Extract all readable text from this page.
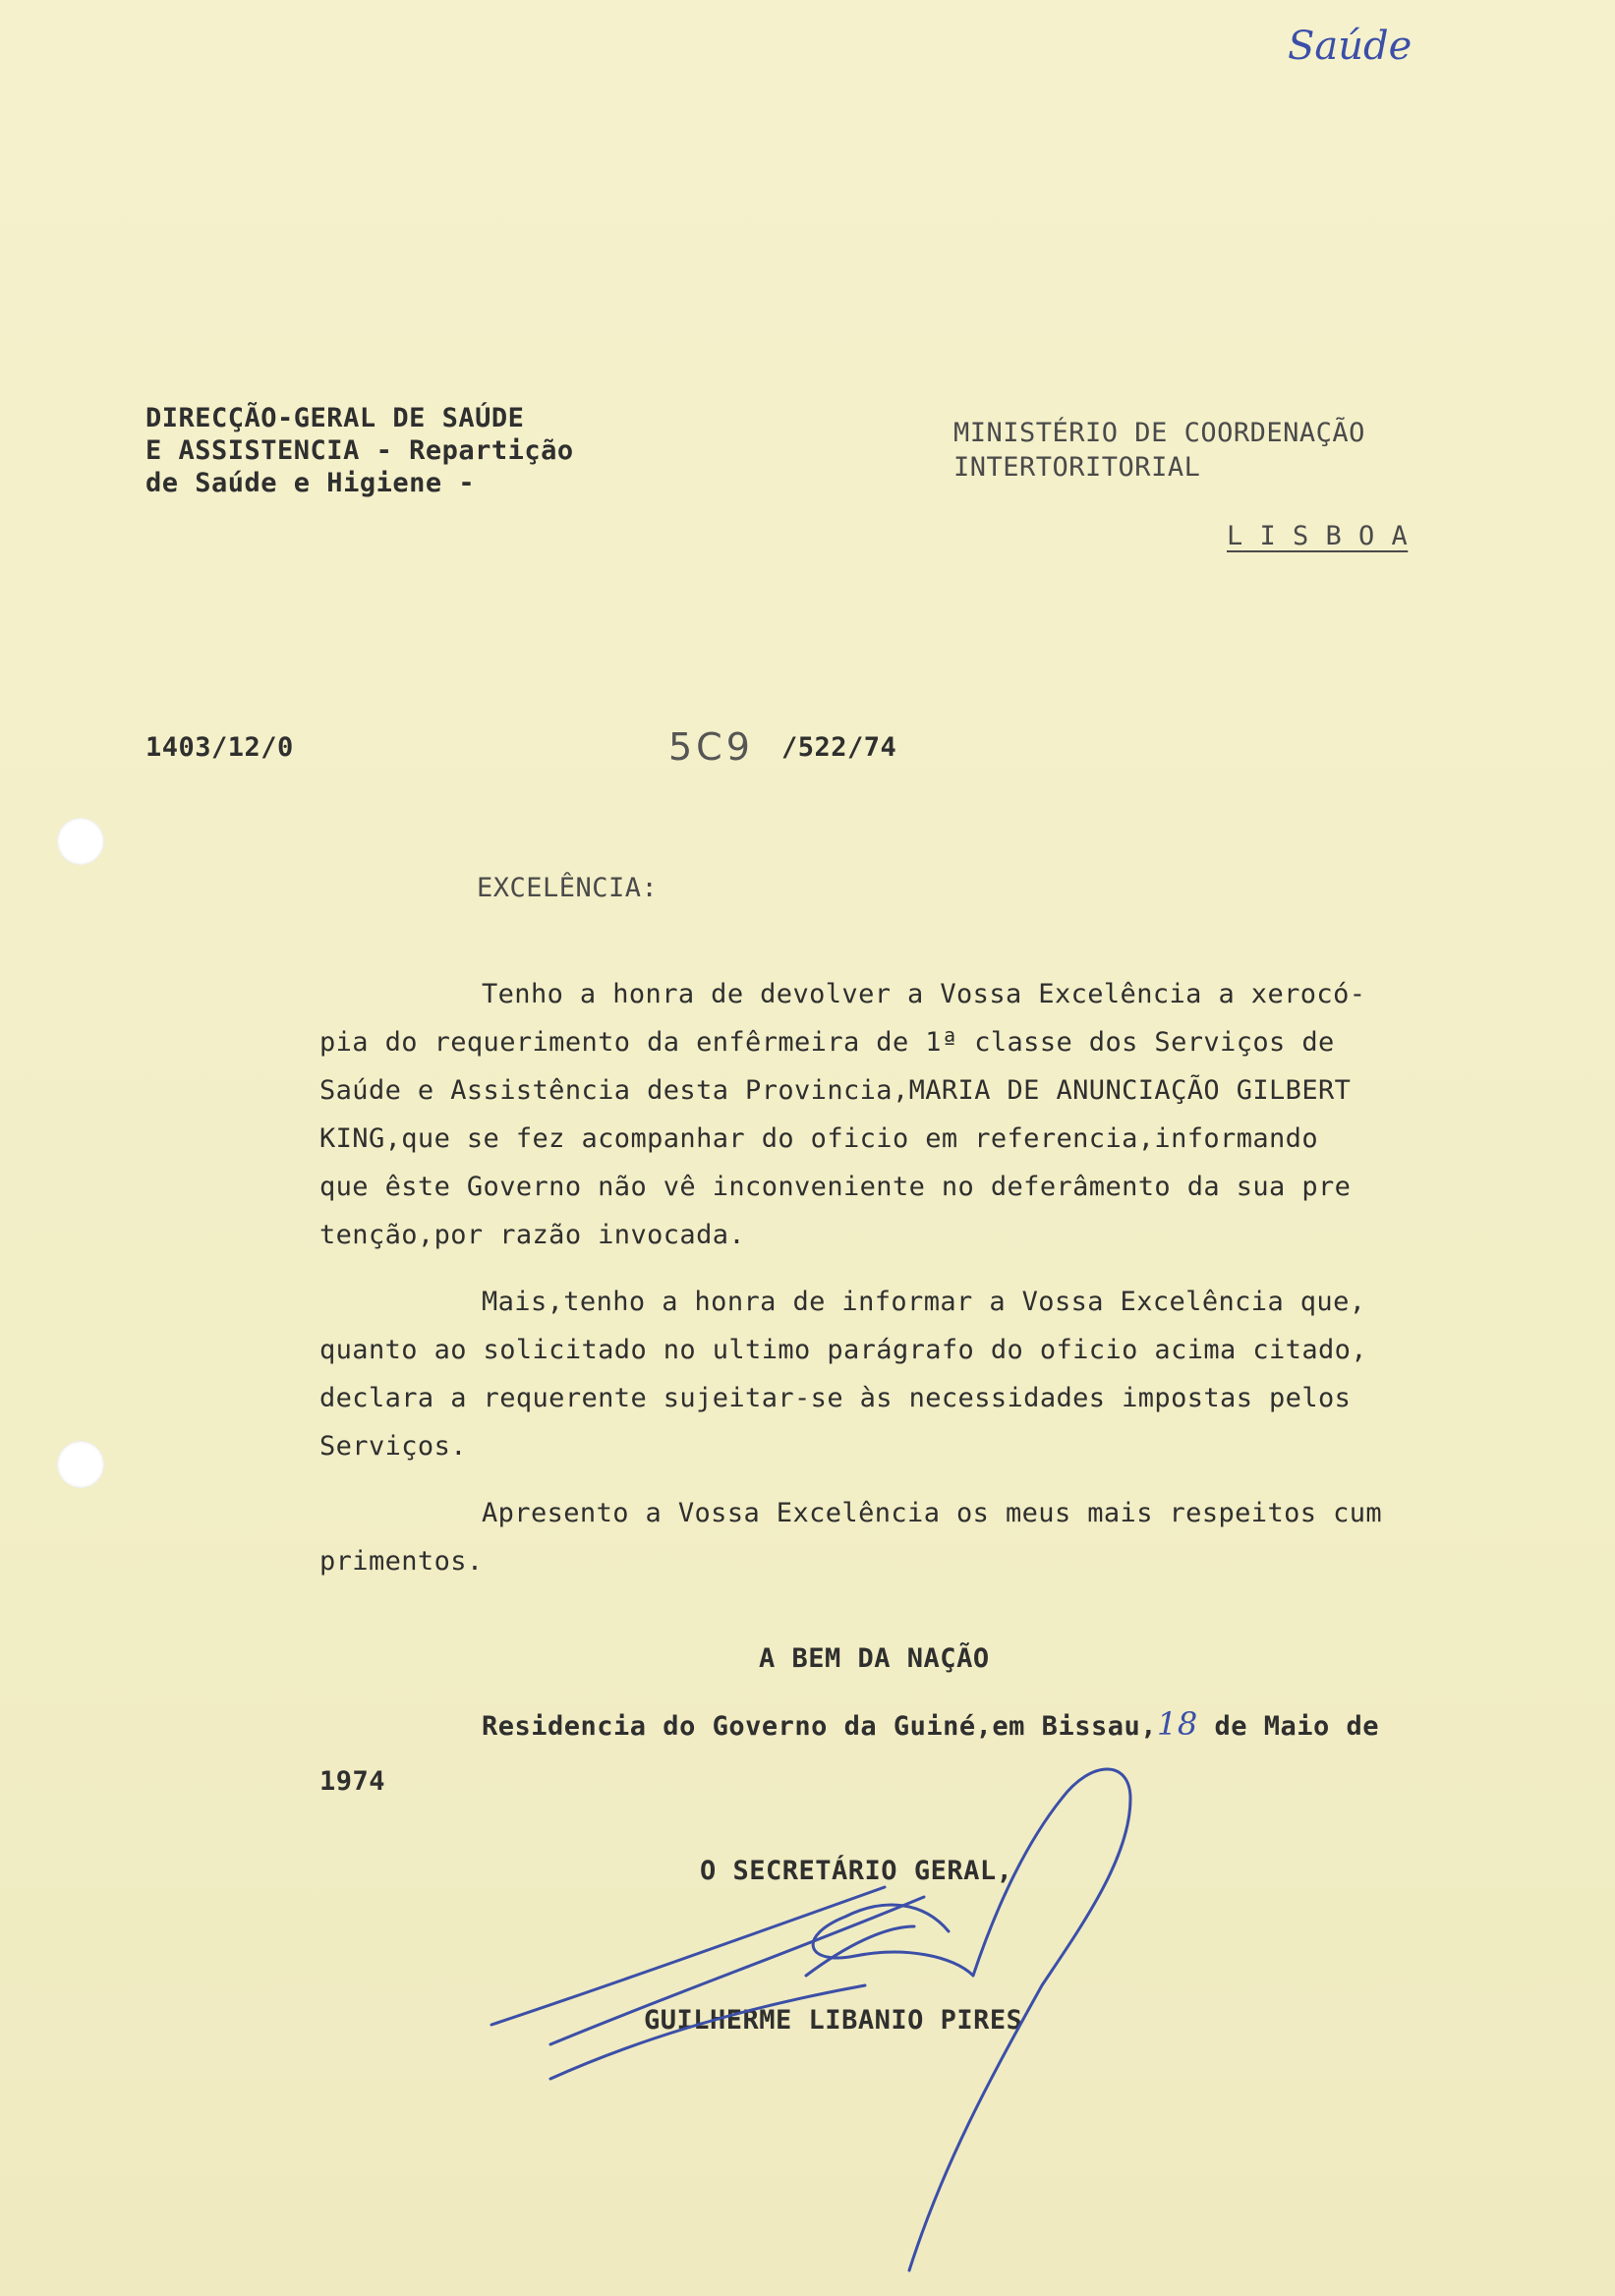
Saúde
DIRECÇÃO-GERAL DE SAÚDE
E ASSISTENCIA - Repartição
de Saúde e Higiene -
MINISTÉRIO DE COORDENAÇÃO
INTERTORITORIAL
L I S B O A
1403/12/0	5C9 /522/74
EXCELÊNCIA:

Tenho a honra de devolver a Vossa Excelência a xerocó-

pia do requerimento da enfêrmeira de 1ª classe dos Serviços de

Saúde e Assistência desta Provincia,MARIA DE ANUNCIAÇÃO GILBERT

KING,que se fez acompanhar do oficio em referencia,informando

que êste Governo não vê inconveniente no deferâmento da sua pre

tenção,por razão invocada.

Mais,tenho a honra de informar a Vossa Excelência que,

quanto ao solicitado no ultimo parágrafo do oficio acima citado,

declara a requerente sujeitar-se às necessidades impostas pelos

Serviços.

Apresento a Vossa Excelência os meus mais respeitos cum

primentos.

A BEM DA NAÇÃO
Residencia do Governo da Guiné,em Bissau,18 de Maio de
1974
O SECRETÁRIO GERAL,
GUILHERME LIBANIO PIRES
